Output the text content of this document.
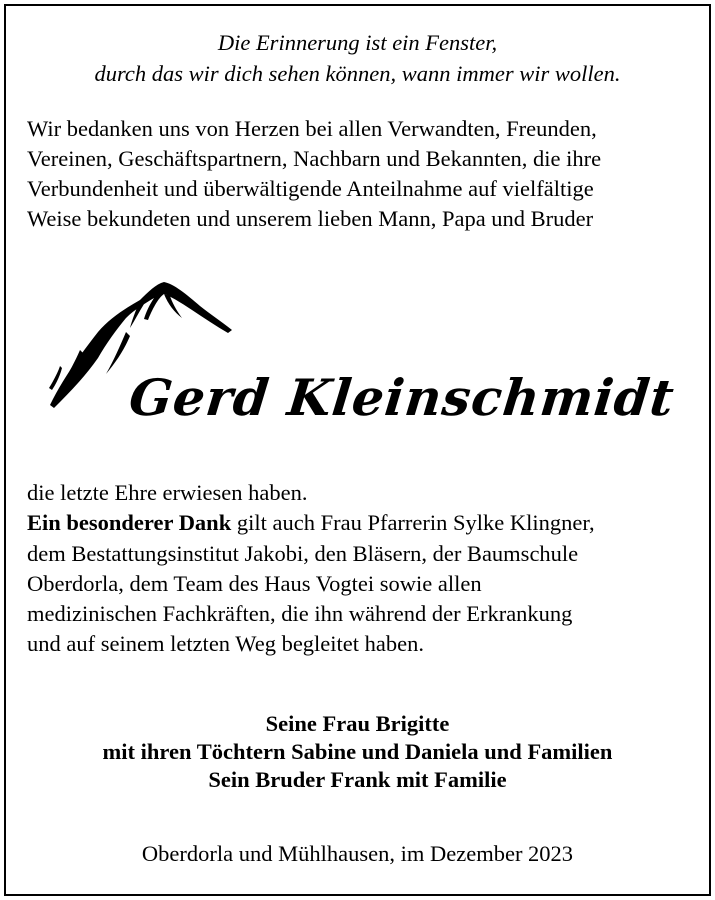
Die Erinnerung ist ein Fenster,
durch das wir dich sehen können, wann immer wir wollen.
Wir bedanken uns von Herzen bei allen Verwandten, Freunden,
Vereinen, Geschäftspartnern, Nachbarn und Bekannten, die ihre
Verbundenheit und überwältigende Anteilnahme auf vielfältige
Weise bekundeten und unserem lieben Mann, Papa und Bruder
Gerd Kleinschmidt
die letzte Ehre erwiesen haben.
Ein besonderer Dank gilt auch Frau Pfarrerin Sylke Klingner,
dem Bestattungsinstitut Jakobi, den Bläsern, der Baumschule
Oberdorla, dem Team des Haus Vogtei sowie allen
medizinischen Fachkräften, die ihn während der Erkrankung
und auf seinem letzten Weg begleitet haben.
Seine Frau Brigitte
mit ihren Töchtern Sabine und Daniela und Familien
Sein Bruder Frank mit Familie
Oberdorla und Mühlhausen, im Dezember 2023
